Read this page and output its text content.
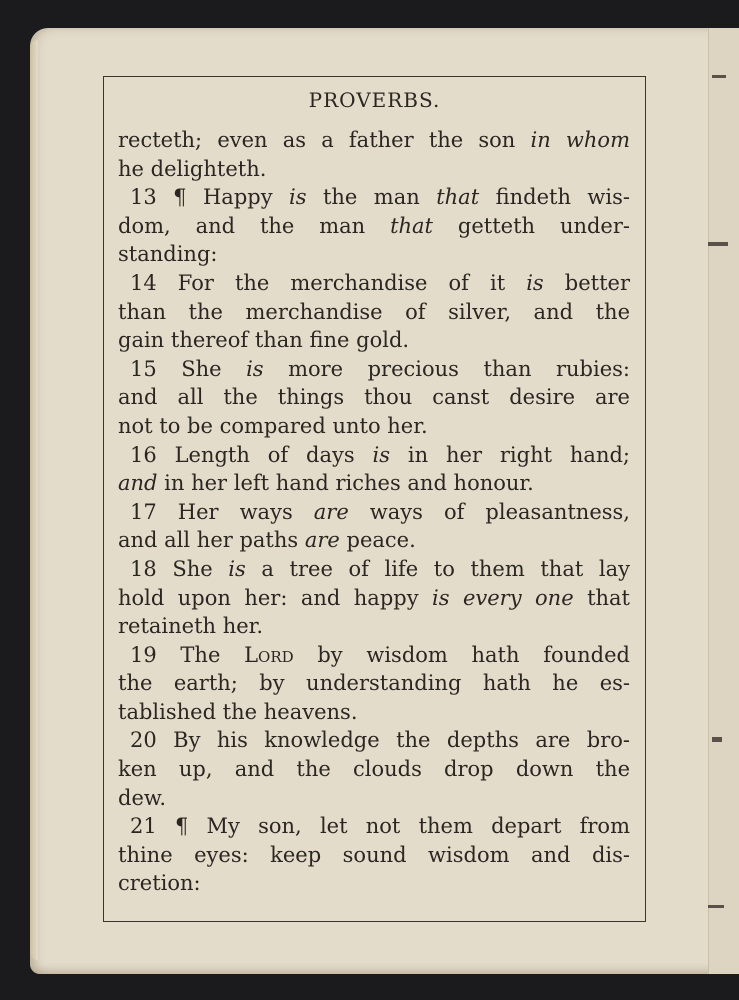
PROVERBS.
recteth; even as a father the son in whom
he delighteth.
13 ¶ Happy is the man that findeth wis-
dom, and the man that getteth under-
standing:
14 For the merchandise of it is better
than the merchandise of silver, and the
gain thereof than fine gold.
15 She is more precious than rubies:
and all the things thou canst desire are
not to be compared unto her.
16 Length of days is in her right hand;
and in her left hand riches and honour.
17 Her ways are ways of pleasantness,
and all her paths are peace.
18 She is a tree of life to them that lay
hold upon her: and happy is every one that
retaineth her.
19 The Lord by wisdom hath founded
the earth; by understanding hath he es-
tablished the heavens.
20 By his knowledge the depths are bro-
ken up, and the clouds drop down the
dew.
21 ¶ My son, let not them depart from
thine eyes: keep sound wisdom and dis-
cretion:
